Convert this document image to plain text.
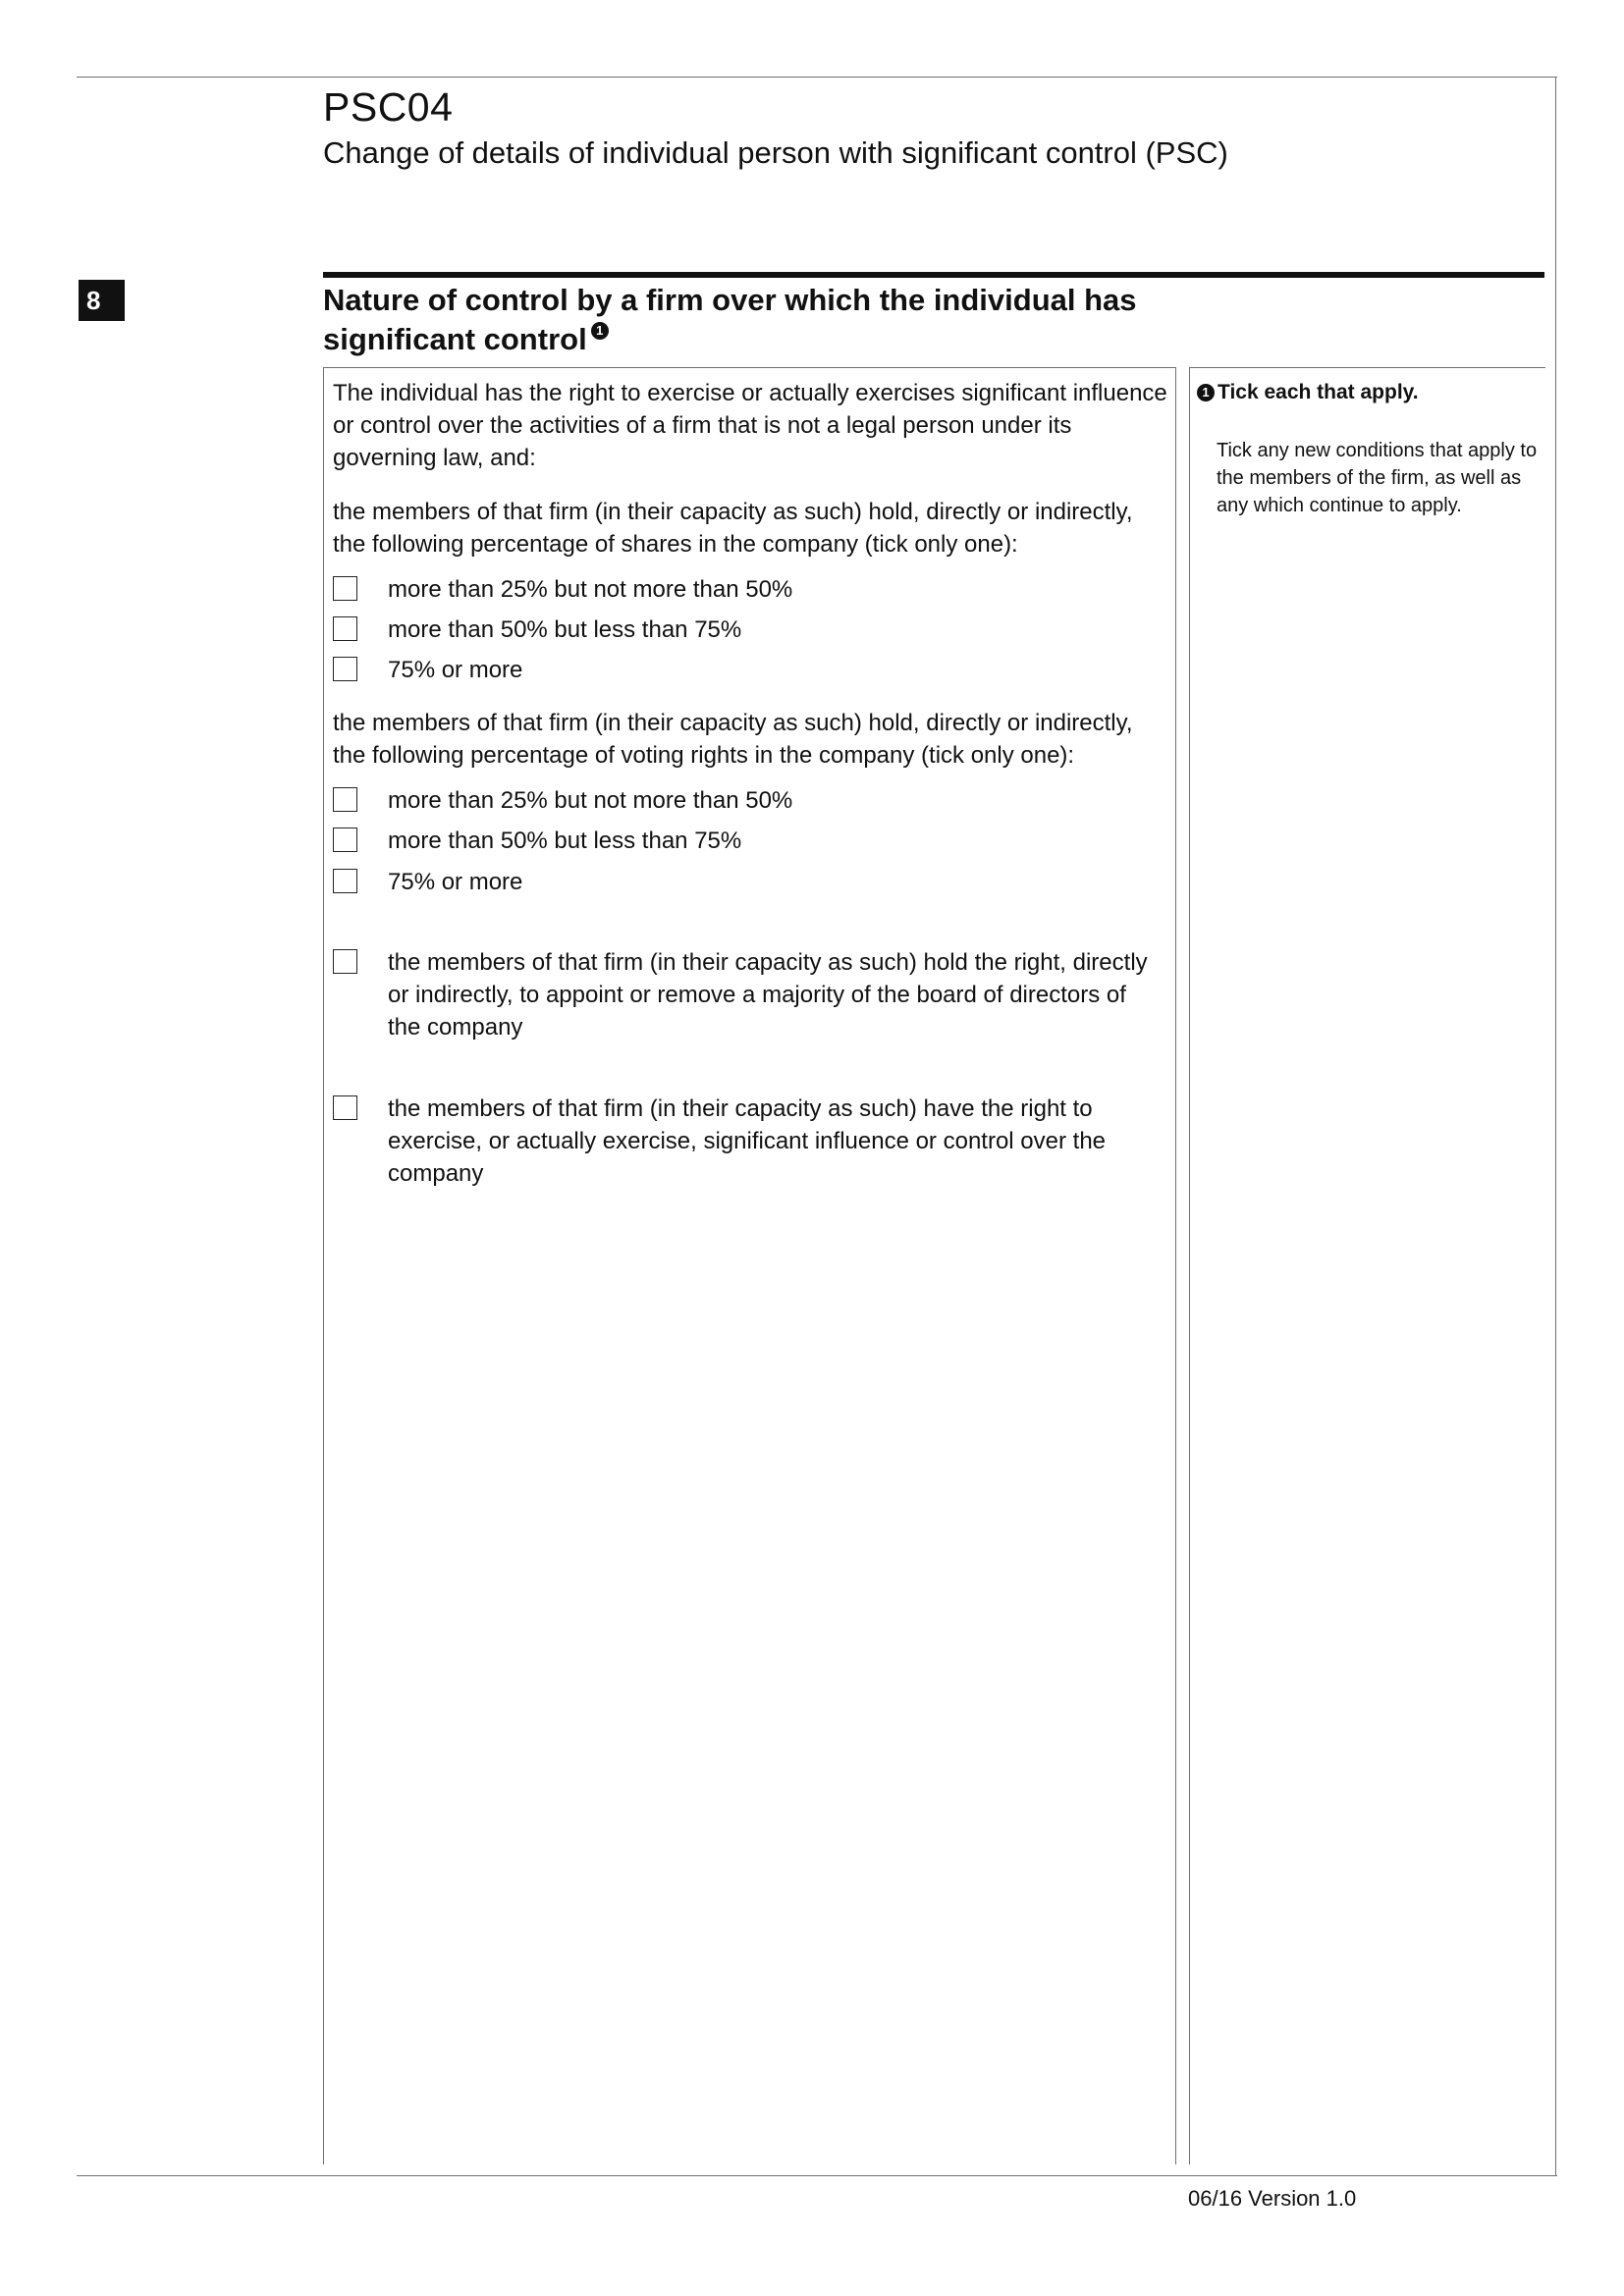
PSC04
Change of details of individual person with significant control (PSC)
8	Nature of control by a firm over which the individual has significant control 1
The individual has the right to exercise or actually exercises significant influence or control over the activities of a firm that is not a legal person under its governing law, and:
the members of that firm (in their capacity as such) hold, directly or indirectly, the following percentage of shares in the company (tick only one):
more than 25% but not more than 50%
more than 50% but less than 75%
75% or more
the members of that firm (in their capacity as such) hold, directly or indirectly, the following percentage of voting rights in the company (tick only one):
more than 25% but not more than 50%
more than 50% but less than 75%
75% or more
the members of that firm (in their capacity as such) hold the right, directly or indirectly, to appoint or remove a majority of the board of directors of the company
the members of that firm (in their capacity as such) have the right to exercise, or actually exercise, significant influence or control over the company
1 Tick each that apply.
Tick any new conditions that apply to the members of the firm, as well as any which continue to apply.
06/16 Version 1.0
